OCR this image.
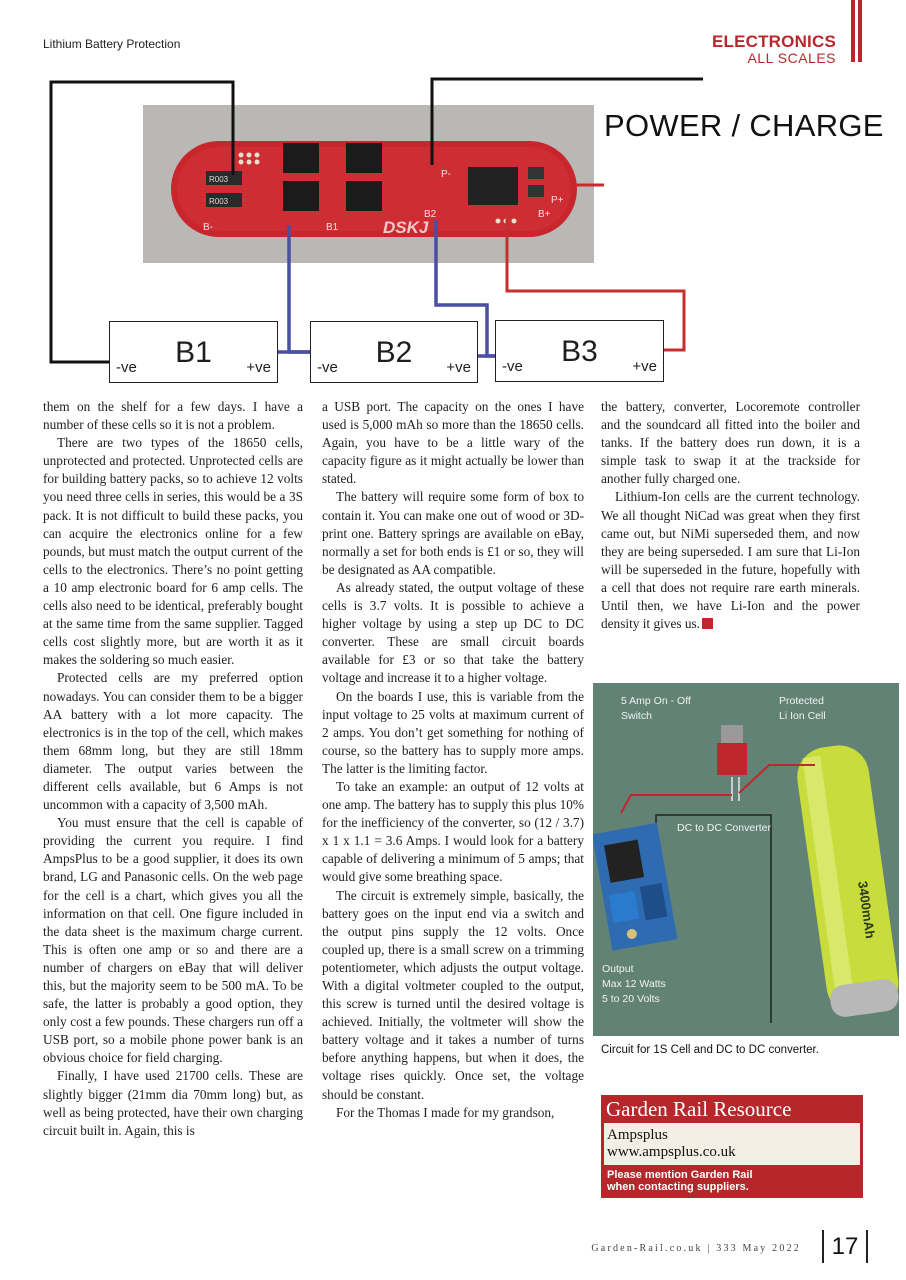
Lithium Battery Protection	ELECTRONICS
ALL SCALES
R003
R003
DSKJ
B-	B1
B2	B+
P-
P+
POWER / CHARGE
B1
-ve	+ve	B2
-ve	+ve	B3
-ve	+ve

them on the shelf for a few days. I have a number of these cells so it is not a problem.

There are two types of the 18650 cells, unprotected and protected. Unprotected cells are for building battery packs, so to achieve 12 volts you need three cells in series, this would be a 3S pack. It is not difficult to build these packs, you can acquire the electronics online for a few pounds, but must match the output current of the cells to the electronics. There’s no point getting a 10 amp electronic board for 6 amp cells. The cells also need to be identical, preferably bought at the same time from the same supplier. Tagged cells cost slightly more, but are worth it as it makes the soldering so much easier.

Protected cells are my preferred option nowadays. You can consider them to be a bigger AA battery with a lot more capacity. The electronics is in the top of the cell, which makes them 68mm long, but they are still 18mm diameter. The output varies between the different cells available, but 6 Amps is not uncommon with a capacity of 3,500 mAh.

You must ensure that the cell is capable of providing the current you require. I find AmpsPlus to be a good supplier, it does its own brand, LG and Panasonic cells. On the web page for the cell is a chart, which gives you all the information on that cell. One figure included in the data sheet is the maximum charge current. This is often one amp or so and there are a number of chargers on eBay that will deliver this, but the majority seem to be 500 mA. To be safe, the latter is probably a good option, they only cost a few pounds. These chargers run off a USB port, so a mobile phone power bank is an obvious choice for field charging.

Finally, I have used 21700 cells. These are slightly bigger (21mm dia 70mm long) but, as well as being protected, have their own charging circuit built in. Again, this is

a USB port. The capacity on the ones I have used is 5,000 mAh so more than the 18650 cells. Again, you have to be a little wary of the capacity figure as it might actually be lower than stated.

The battery will require some form of box to contain it. You can make one out of wood or 3D-print one. Battery springs are available on eBay, normally a set for both ends is £1 or so, they will be designated as AA compatible.

As already stated, the output voltage of these cells is 3.7 volts. It is possible to achieve a higher voltage by using a step up DC to DC converter. These are small circuit boards available for £3 or so that take the battery voltage and increase it to a higher voltage.

On the boards I use, this is variable from the input voltage to 25 volts at maximum current of 2 amps. You don’t get something for nothing of course, so the battery has to supply more amps. The latter is the limiting factor.

To take an example: an output of 12 volts at one amp. The battery has to supply this plus 10% for the inefficiency of the converter, so (12 / 3.7) x 1 x 1.1 = 3.6 Amps. I would look for a battery capable of delivering a minimum of 5 amps; that would give some breathing space.

The circuit is extremely simple, basically, the battery goes on the input end via a switch and the output pins supply the 12 volts. Once coupled up, there is a small screw on a trimming potentiometer, which adjusts the output voltage. With a digital voltmeter coupled to the output, this screw is turned until the desired voltage is achieved. Initially, the voltmeter will show the battery voltage and it takes a number of turns before anything happens, but when it does, the voltage rises quickly. Once set, the voltage should be constant.

For the Thomas I made for my grandson,

the battery, converter, Locoremote controller and the soundcard all fitted into the boiler and tanks. If the battery does run down, it is a simple task to swap it at the trackside for another fully charged one.

Lithium-Ion cells are the current technology. We all thought NiCad was great when they first came out, but NiMi superseded them, and now they are being superseded. I am sure that Li-Ion will be superseded in the future, hopefully with a cell that does not require rare earth minerals. Until then, we have Li-Ion and the power density it gives us.

3400mAh
5 Amp On - Off
Switch
Protected
Li Ion Cell
DC to DC Converter
Output
Max 12 Watts
5 to 20 Volts
Circuit for 1S Cell and DC to DC converter.
Garden Rail Resource
Ampsplus
www.ampsplus.co.uk
Please mention Garden Rail
when contacting suppliers.
Garden-Rail.co.uk | 333 May 2022	17
